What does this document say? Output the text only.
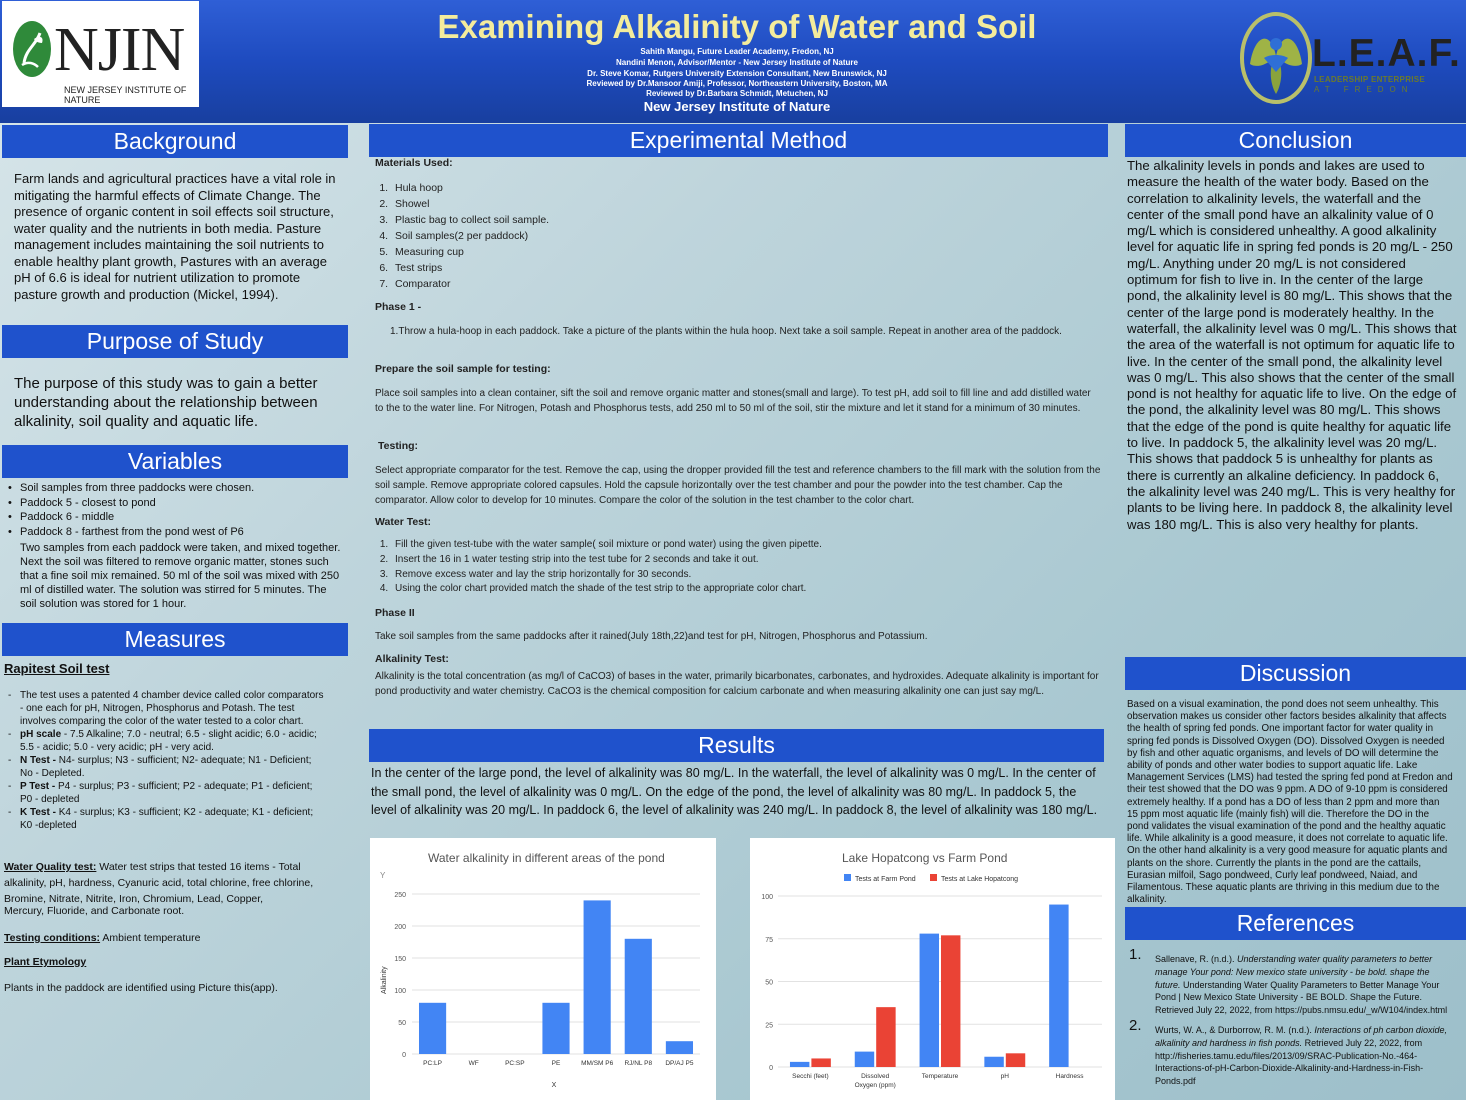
NJIN
NEW JERSEY INSTITUTE OF NATURE
Examining Alkalinity of Water and Soil
Sahith Mangu, Future Leader Academy, Fredon, NJ
Nandini Menon, Advisor/Mentor - New Jersey Institute of Nature
Dr. Steve Komar, Rutgers University Extension Consultant, New Brunswick, NJ
Reviewed by Dr.Mansoor Amiji, Professor, Northeastern University, Boston, MA
Reviewed by Dr.Barbara Schmidt, Metuchen, NJ
New Jersey Institute of Nature
L.E.A.F.
LEADERSHIP ENTERPRISE
AT FREDON
Background
Farm lands and agricultural practices have a vital role in mitigating the harmful effects of Climate Change. The presence of organic content in soil effects soil structure, water quality and the nutrients in both media. Pasture management includes maintaining the soil nutrients to enable healthy plant growth, Pastures with an average pH of 6.6 is ideal for nutrient utilization to promote pasture growth and production (Mickel, 1994).
Purpose of Study
The purpose of this study was to gain a better understanding about the relationship between alkalinity, soil quality and aquatic life.
Variables
• Soil samples from three paddocks were chosen.
• Paddock 5 - closest to pond
• Paddock 6 - middle
• Paddock 8 - farthest from the pond west of P6
Two samples from each paddock were taken, and mixed together. Next the soil was filtered to remove organic matter, stones such that a fine soil mix remained. 50 ml of the soil was mixed with 250 ml of distilled water. The solution was stirred for 5 minutes. The soil solution was stored for 1 hour.
Measures
Rapitest Soil test
- The test uses a patented 4 chamber device called color comparators - one each for pH, Nitrogen, Phosphorus and Potash. The test involves comparing the color of the water tested to a color chart.
- pH scale - 7.5 Alkaline; 7.0 - neutral; 6.5 - slight acidic; 6.0 - acidic; 5.5 - acidic; 5.0 - very acidic; pH - very acid.
- N Test - N4- surplus; N3 - sufficient; N2- adequate; N1 - Deficient; No - Depleted.
- P Test - P4 - surplus; P3 - sufficient; P2 - adequate; P1 - deficient; P0 - depleted
- K Test - K4 - surplus; K3 - sufficient; K2 - adequate; K1 - deficient; K0 -depleted
Water Quality test: Water test strips that tested 16 items - Total alkalinity, pH, hardness, Cyanuric acid, total chlorine, free chlorine, Bromine, Nitrate, Nitrite, Iron, Chromium, Lead, Copper,
Mercury, Fluoride, and Carbonate root.
Testing conditions: Ambient temperature
Plant Etymology
Plants in the paddock are identified using Picture this(app).
Experimental Method
Materials Used:
1. Hula hoop
2. Showel
3. Plastic bag to collect soil sample.
4. Soil samples(2 per paddock)
5. Measuring cup
6. Test strips
7. Comparator
Phase 1 -
1.Throw a hula-hoop in each paddock. Take a picture of the plants within the hula hoop. Next take a soil sample. Repeat in another area of the paddock.
Prepare the soil sample for testing:
Place soil samples into a clean container, sift the soil and remove organic matter and stones(small and large). To test pH, add soil to fill line and add distilled water to the to the water line. For Nitrogen, Potash and Phosphorus tests, add 250 ml to 50 ml of the soil, stir the mixture and let it stand for a minimum of 30 minutes.
Testing:
Select appropriate comparator for the test. Remove the cap, using the dropper provided fill the test and reference chambers to the fill mark with the solution from the soil sample. Remove appropriate colored capsules. Hold the capsule horizontally over the test chamber and pour the powder into the test chamber. Cap the comparator. Allow color to develop for 10 minutes. Compare the color of the solution in the test chamber to the color chart.
Water Test:
1. Fill the given test-tube with the water sample( soil mixture or pond water) using the given pipette.
2. Insert the 16 in 1 water testing strip into the test tube for 2 seconds and take it out.
3. Remove excess water and lay the strip horizontally for 30 seconds.
4. Using the color chart provided match the shade of the test strip to the appropriate color chart.
Phase II
Take soil samples from the same paddocks after it rained(July 18th,22)and test for pH, Nitrogen, Phosphorus and Potassium.
Alkalinity Test:
Alkalinity is the total concentration (as mg/l of CaCO3) of bases in the water, primarily bicarbonates, carbonates, and hydroxides. Adequate alkalinity is important for pond productivity and water chemistry. CaCO3 is the chemical composition for calcium carbonate and when measuring alkalinity one can just say mg/L.
Results
In the center of the large pond, the level of alkalinity was 80 mg/L. In the waterfall, the level of alkalinity was 0 mg/L. In the center of the small pond, the level of alkalinity was 0 mg/L. On the edge of the pond, the level of alkalinity was 80 mg/L. In paddock 5, the level of alkalinity was 20 mg/L. In paddock 6, the level of alkalinity was 240 mg/L. In paddock 8, the level of alkalinity was 180 mg/L.
Water alkalinity in different areas of the pond
0
50
100
150
200
250
Y
Alkalinity
PC:LP	WF	PC:SP	PE	MM/SM P6 RJ/NL P8 DP/AJ P5
X
Lake Hopatcong vs Farm Pond
0
25
50
75
100
Tests at Farm Pond	Tests at Lake Hopatcong
Secchi (feet)	Dissolved
Oxygen (ppm)
Temperature	pH	Hardness
Conclusion
The alkalinity levels in ponds and lakes are used to measure the health of the water body. Based on the correlation to alkalinity levels, the waterfall and the center of the small pond have an alkalinity value of 0 mg/L which is considered unhealthy. A good alkalinity level for aquatic life in spring fed ponds is 20 mg/L - 250 mg/L. Anything under 20 mg/L is not considered optimum for fish to live in. In the center of the large pond, the alkalinity level is 80 mg/L. This shows that the center of the large pond is moderately healthy. In the waterfall, the alkalinity level was 0 mg/L. This shows that the area of the waterfall is not optimum for aquatic life to live. In the center of the small pond, the alkalinity level was 0 mg/L. This also shows that the center of the small pond is not healthy for aquatic life to live. On the edge of the pond, the alkalinity level was 80 mg/L. This shows that the edge of the pond is quite healthy for aquatic life to live. In paddock 5, the alkalinity level was 20 mg/L. This shows that paddock 5 is unhealthy for plants as there is currently an alkaline deficiency. In paddock 6, the alkalinity level was 240 mg/L. This is very healthy for plants to be living here. In paddock 8, the alkalinity level was 180 mg/L. This is also very healthy for plants.
Discussion
Based on a visual examination, the pond does not seem unhealthy. This observation makes us consider other factors besides alkalinity that affects the health of spring fed ponds. One important factor for water quality in spring fed ponds is Dissolved Oxygen (DO). Dissolved Oxygen is needed by fish and other aquatic organisms, and levels of DO will determine the ability of ponds and other water bodies to support aquatic life. Lake Management Services (LMS) had tested the spring fed pond at Fredon and their test showed that the DO was 9 ppm. A DO of 9-10 ppm is considered extremely healthy. If a pond has a DO of less than 2 ppm and more than 15 ppm most aquatic life (mainly fish) will die. Therefore the DO in the pond validates the visual examination of the pond and the healthy aquatic life. While alkalinity is a good measure, it does not correlate to aquatic life. On the other hand alkalinity is a very good measure for aquatic plants and plants on the shore. Currently the plants in the pond are the cattails, Eurasian milfoil, Sago pondweed, Curly leaf pondweed, Naiad, and Filamentous. These aquatic plants are thriving in this medium due to the alkalinity.
References
1. Sallenave, R. (n.d.). Understanding water quality parameters to better manage Your pond: New mexico state university - be bold. shape the future. Understanding Water Quality Parameters to Better Manage Your Pond | New Mexico State University - BE BOLD. Shape the Future. Retrieved July 22, 2022, from https://pubs.nmsu.edu/_w/W104/index.html
2. Wurts, W. A., & Durborrow, R. M. (n.d.). Interactions of ph carbon dioxide, alkalinity and hardness in fish ponds. Retrieved July 22, 2022, from http://fisheries.tamu.edu/files/2013/09/SRAC-Publication-No.-464-Interactions-of-pH-Carbon-Dioxide-Alkalinity-and-Hardness-in-Fish-Ponds.pdf
